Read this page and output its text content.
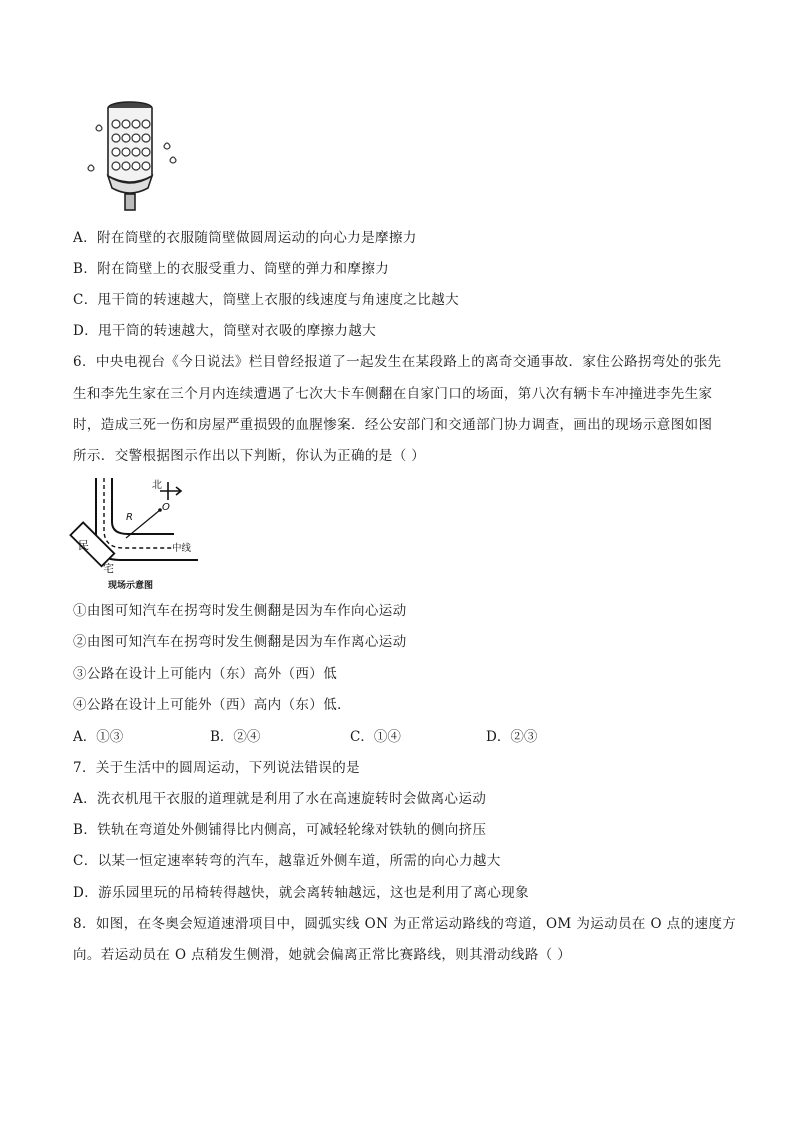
A．附在筒壁的衣服随筒壁做圆周运动的向心力是摩擦力
B．附在筒壁上的衣服受重力、筒壁的弹力和摩擦力
C．甩干筒的转速越大，筒壁上衣服的线速度与角速度之比越大
D．甩干筒的转速越大，筒壁对衣吸的摩擦力越大
6．中央电视台《今日说法》栏目曾经报道了一起发生在某段路上的离奇交通事故．家住公路拐弯处的张先
生和李先生家在三个月内连续遭遇了七次大卡车侧翻在自家门口的场面，第八次有辆卡车冲撞进李先生家
时，造成三死一伤和房屋严重损毁的血腥惨案．经公安部门和交通部门协力调查，画出的现场示意图如图
所示．交警根据图示作出以下判断，你认为正确的是（ ）
北
R
O
中线
民
宅
现场示意图
①由图可知汽车在拐弯时发生侧翻是因为车作向心运动
②由图可知汽车在拐弯时发生侧翻是因为车作离心运动
③公路在设计上可能内（东）高外（西）低
④公路在设计上可能外（西）高内（东）低．
A．①③	B．②④	C．①④	D．②③
7．关于生活中的圆周运动，下列说法错误的是
A．洗衣机甩干衣服的道理就是利用了水在高速旋转时会做离心运动
B．铁轨在弯道处外侧铺得比内侧高，可减轻轮缘对铁轨的侧向挤压
C．以某一恒定速率转弯的汽车，越靠近外侧车道，所需的向心力越大
D．游乐园里玩的吊椅转得越快，就会离转轴越远，这也是利用了离心现象
8．如图，在冬奥会短道速滑项目中，圆弧实线 ON 为正常运动路线的弯道，OM 为运动员在 O 点的速度方
向。若运动员在 O 点稍发生侧滑，她就会偏离正常比赛路线，则其滑动线路（ ）
